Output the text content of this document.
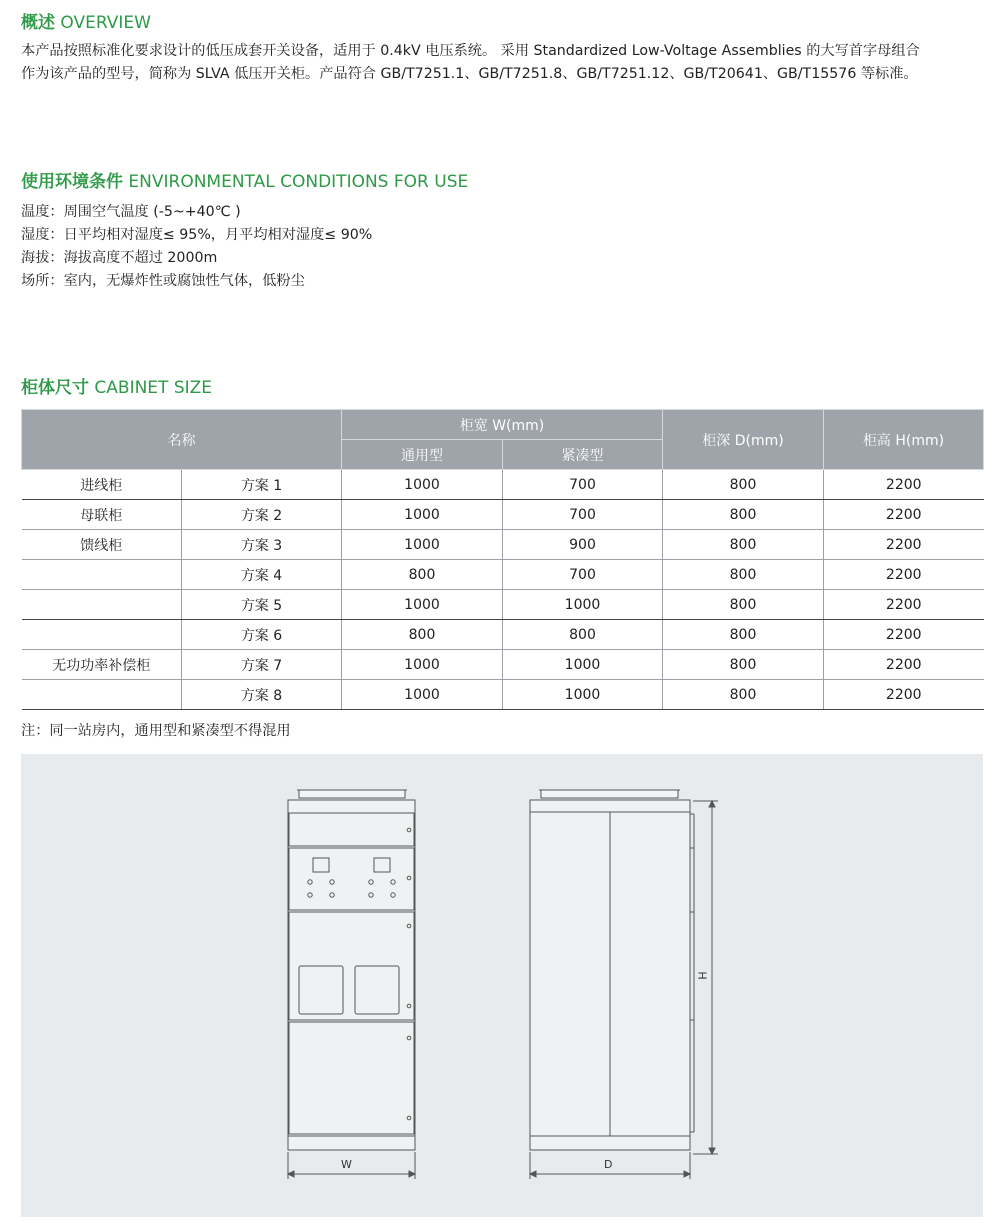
概述 OVERVIEW
本产品按照标准化要求设计的低压成套开关设备，适用于 0.4kV 电压系统。 采用 Standardized Low-Voltage Assemblies 的大写首字母组合
作为该产品的型号，简称为 SLVA 低压开关柜。产品符合 GB/T7251.1、GB/T7251.8、GB/T7251.12、GB/T20641、GB/T15576 等标准。
使用环境条件 ENVIRONMENTAL CONDITIONS FOR USE
温度：周围空气温度 (-5~+40℃ )
湿度：日平均相对湿度≤ 95%，月平均相对湿度≤ 90%
海拔：海拔高度不超过 2000m
场所：室内，无爆炸性或腐蚀性气体，低粉尘
柜体尺寸 CABINET SIZE
名称		柜宽 W(mm)		柜深 D(mm)	柜高 H(mm)
		通用型	紧凑型		
进线柜	方案 1	1000	700	800	2200
母联柜	方案 2	1000	700	800	2200
馈线柜	方案 3	1000	900	800	2200
	方案 4	800	700	800	2200
	方案 5	1000	1000	800	2200
	方案 6	800	800	800	2200
无功功率补偿柜	方案 7	1000	1000	800	2200
	方案 8	1000	1000	800	2200
注：同一站房内，通用型和紧凑型不得混用
W	D
H
